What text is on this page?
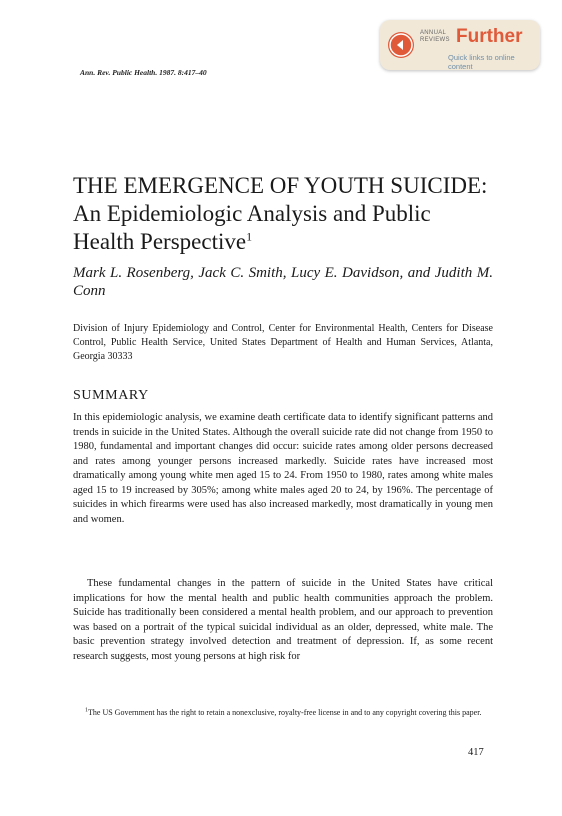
ANNUAL
REVIEWS Further
Quick links to online content
Ann. Rev. Public Health. 1987. 8:417–40
THE EMERGENCE OF YOUTH SUICIDE: An Epidemiologic Analysis and Public Health Perspective$^1$
Mark L. Rosenberg, Jack C. Smith, Lucy E. Davidson, and Judith M. Conn
Division of Injury Epidemiology and Control, Center for Environmental Health, Centers for Disease Control, Public Health Service, United States Department of Health and Human Services, Atlanta, Georgia 30333
SUMMARY

In this epidemiologic analysis, we examine death certificate data to identify significant patterns and trends in suicide in the United States. Although the overall suicide rate did not change from 1950 to 1980, fundamental and important changes did occur: suicide rates among older persons decreased and rates among younger persons increased markedly. Suicide rates have increased most dramatically among young white men aged 15 to 24. From 1950 to 1980, rates among white males aged 15 to 19 increased by 305%; among white males aged 20 to 24, by 196%. The percentage of suicides in which firearms were used has also increased markedly, most dramatically in young men and women.

These fundamental changes in the pattern of suicide in the United States have critical implications for how the mental health and public health communities approach the problem. Suicide has traditionally been considered a mental health problem, and our approach to prevention was based on a portrait of the typical suicidal individual as an older, depressed, white male. The basic prevention strategy involved detection and treatment of depression. If, as some recent research suggests, most young persons at high risk for

$^1$The US Government has the right to retain a nonexclusive, royalty-free license in and to any copyright covering this paper.
417
